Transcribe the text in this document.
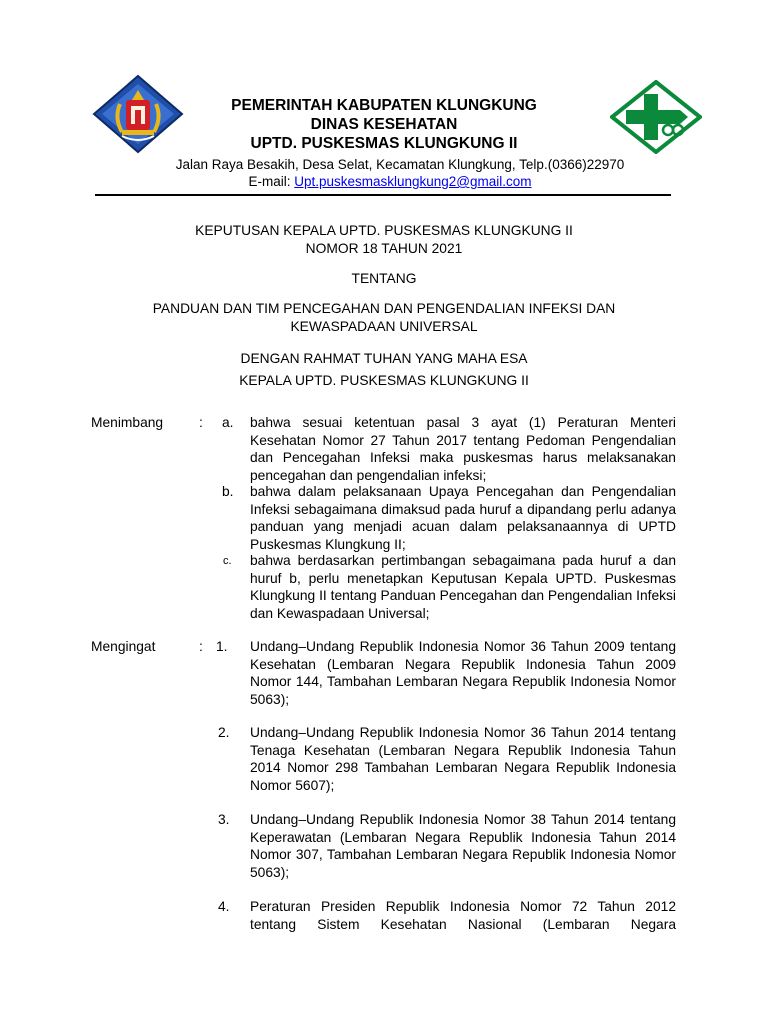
PEMERINTAH KABUPATEN KLUNGKUNG
DINAS KESEHATAN
UPTD. PUSKESMAS KLUNGKUNG II
Jalan Raya Besakih, Desa Selat, Kecamatan Klungkung, Telp.(0366)22970
E-mail: Upt.puskesmasklungkung2@gmail.com
KEPUTUSAN KEPALA UPTD. PUSKESMAS KLUNGKUNG II
NOMOR 18 TAHUN 2021
TENTANG
PANDUAN DAN TIM PENCEGAHAN DAN PENGENDALIAN INFEKSI DAN
KEWASPADAAN UNIVERSAL
DENGAN RAHMAT TUHAN YANG MAHA ESA
KEPALA UPTD. PUSKESMAS KLUNGKUNG II
Menimbang	: a. bahwa sesuai ketentuan pasal 3 ayat (1) Peraturan Menteri Kesehatan Nomor 27 Tahun 2017 tentang Pedoman Pengendalian dan Pencegahan Infeksi maka puskesmas harus melaksanakan pencegahan dan pengendalian infeksi;
b. bahwa dalam pelaksanaan Upaya Pencegahan dan Pengendalian Infeksi sebagaimana dimaksud pada huruf a dipandang perlu adanya panduan yang menjadi acuan dalam pelaksanaannya di UPTD Puskesmas Klungkung II;
c. bahwa berdasarkan pertimbangan sebagaimana pada huruf a dan huruf b, perlu menetapkan Keputusan Kepala UPTD. Puskesmas Klungkung II tentang Panduan Pencegahan dan Pengendalian Infeksi dan Kewaspadaan Universal;
Mengingat	: 1. Undang–Undang Republik Indonesia Nomor 36 Tahun 2009 tentang Kesehatan (Lembaran Negara Republik Indonesia Tahun 2009 Nomor 144, Tambahan Lembaran Negara Republik Indonesia Nomor 5063);
2. Undang–Undang Republik Indonesia Nomor 36 Tahun 2014 tentang Tenaga Kesehatan (Lembaran Negara Republik Indonesia Tahun 2014 Nomor 298 Tambahan Lembaran Negara Republik Indonesia Nomor 5607);
3. Undang–Undang Republik Indonesia Nomor 38 Tahun 2014 tentang Keperawatan (Lembaran Negara Republik Indonesia Tahun 2014 Nomor 307, Tambahan Lembaran Negara Republik Indonesia Nomor 5063);
4. Peraturan Presiden Republik Indonesia Nomor 72 Tahun 2012 tentang Sistem Kesehatan Nasional (Lembaran Negara
